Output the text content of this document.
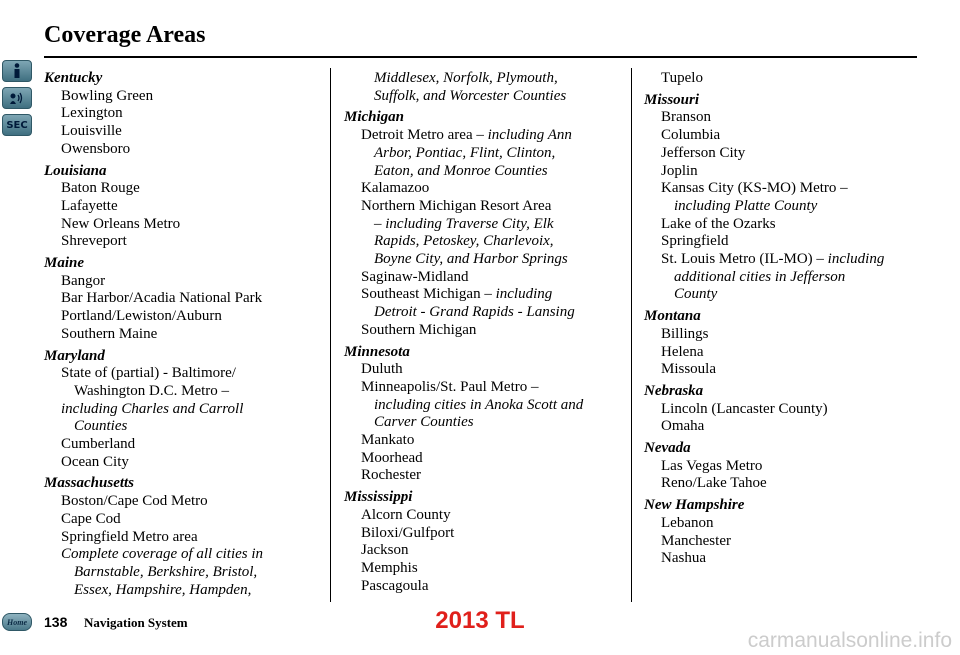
Coverage Areas
SEC
Kentucky
Bowling Green
Lexington
Louisville
Owensboro
Louisiana
Baton Rouge
Lafayette
New Orleans Metro
Shreveport
Maine
Bangor
Bar Harbor/Acadia National Park
Portland/Lewiston/Auburn
Southern Maine
Maryland
State of (partial) - Baltimore/
Washington D.C. Metro –
including Charles and Carroll
Counties
Cumberland
Ocean City
Massachusetts
Boston/Cape Cod Metro
Cape Cod
Springfield Metro area
Complete coverage of all cities in
Barnstable, Berkshire, Bristol,
Essex, Hampshire, Hampden,
Middlesex, Norfolk, Plymouth,
Suffolk, and Worcester Counties
Michigan
Detroit Metro area – including Ann
Arbor, Pontiac, Flint, Clinton,
Eaton, and Monroe Counties
Kalamazoo
Northern Michigan Resort Area
– including Traverse City, Elk
Rapids, Petoskey, Charlevoix,
Boyne City, and Harbor Springs
Saginaw-Midland
Southeast Michigan – including
Detroit - Grand Rapids - Lansing
Southern Michigan
Minnesota
Duluth
Minneapolis/St. Paul Metro –
including cities in Anoka Scott and
Carver Counties
Mankato
Moorhead
Rochester
Mississippi
Alcorn County
Biloxi/Gulfport
Jackson
Memphis
Pascagoula
Tupelo
Missouri
Branson
Columbia
Jefferson City
Joplin
Kansas City (KS-MO) Metro –
including Platte County
Lake of the Ozarks
Springfield
St. Louis Metro (IL-MO) – including
additional cities in Jefferson
County
Montana
Billings
Helena
Missoula
Nebraska
Lincoln (Lancaster County)
Omaha
Nevada
Las Vegas Metro
Reno/Lake Tahoe
New Hampshire
Lebanon
Manchester
Nashua
Home	138 Navigation System	2013 TL
carmanualsonline.info
